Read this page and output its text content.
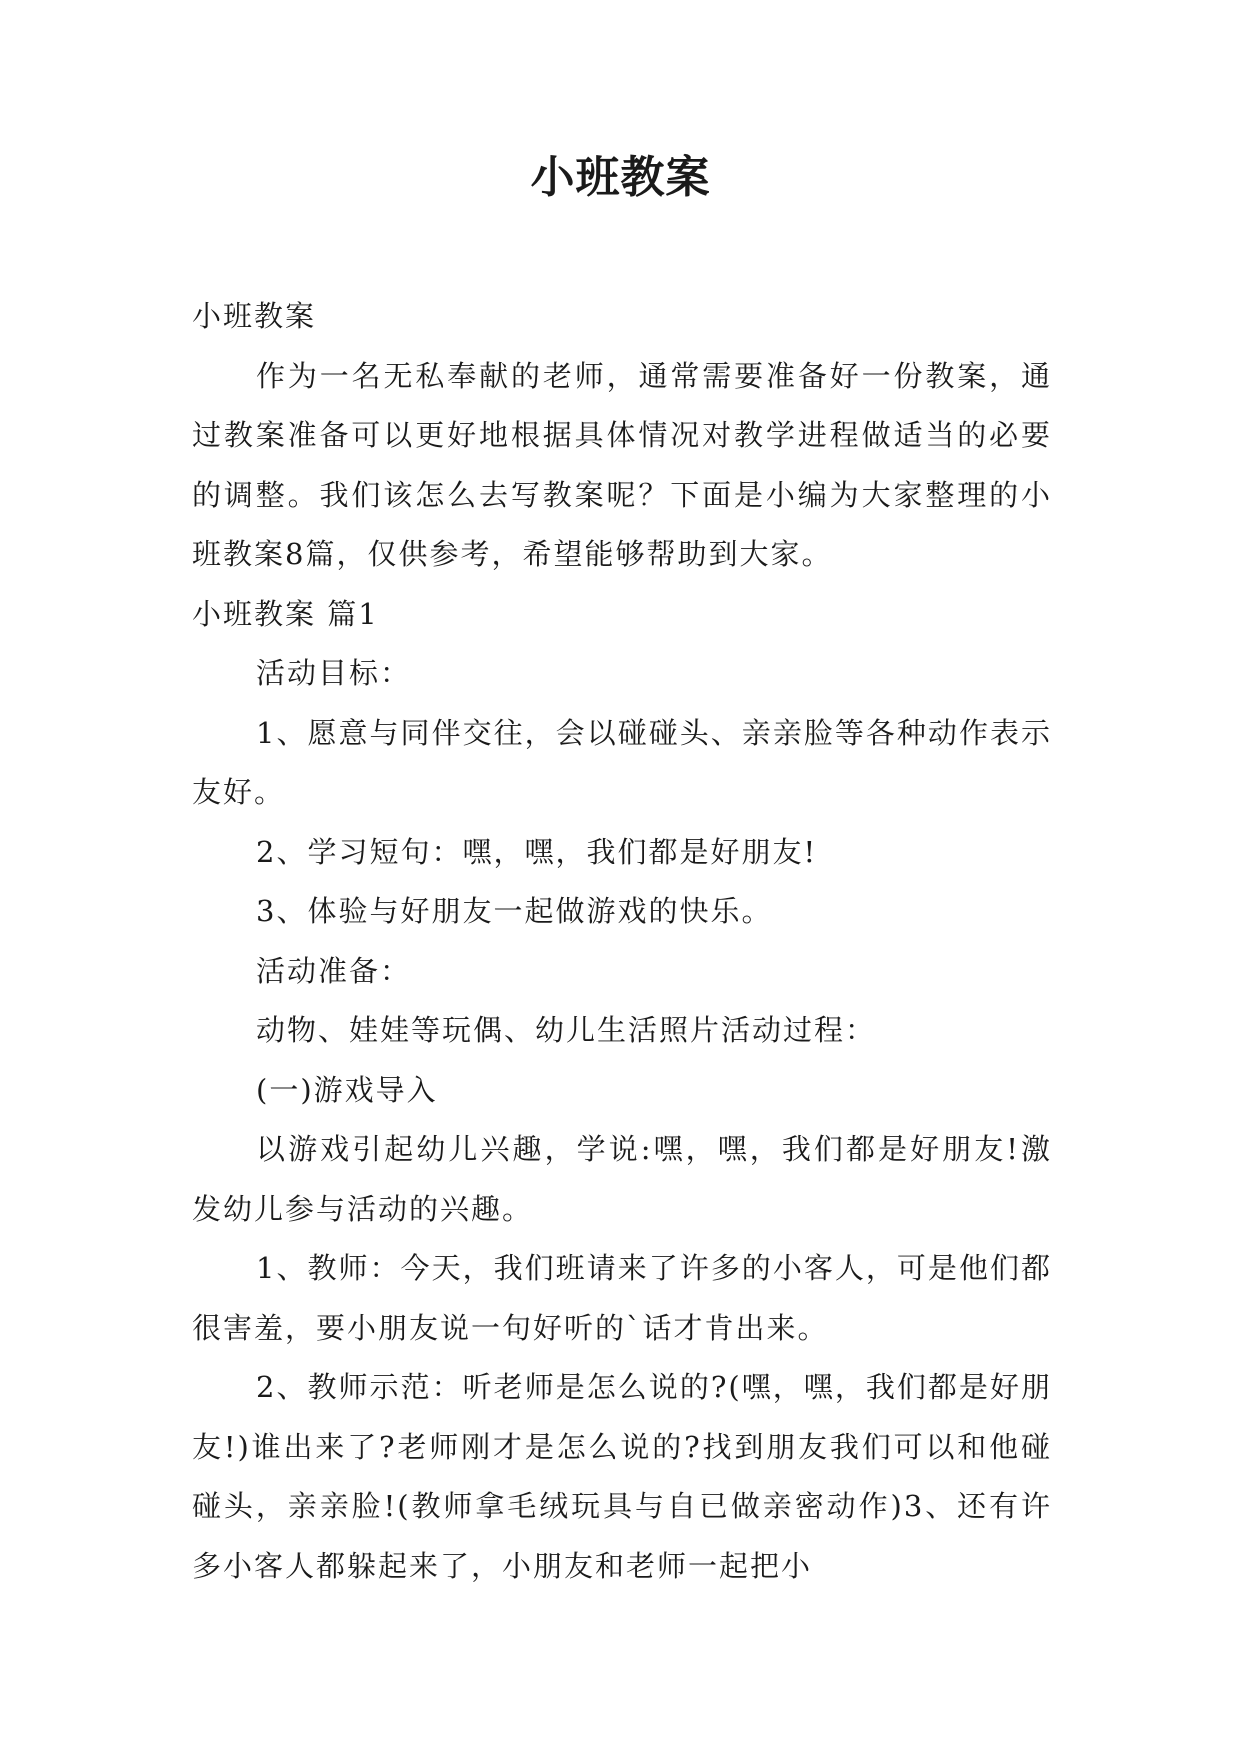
小班教案

小班教案

作为一名无私奉献的老师，通常需要准备好一份教案，通过教案准备可以更好地根据具体情况对教学进程做适当的必要的调整。我们该怎么去写教案呢？下面是小编为大家整理的小班教案8篇，仅供参考，希望能够帮助到大家。

小班教案 篇1

活动目标：

1、愿意与同伴交往，会以碰碰头、亲亲脸等各种动作表示友好。

2、学习短句：嘿，嘿，我们都是好朋友!

3、体验与好朋友一起做游戏的快乐。

活动准备：

动物、娃娃等玩偶、幼儿生活照片活动过程：

(一)游戏导入

以游戏引起幼儿兴趣，学说:嘿，嘿，我们都是好朋友!激发幼儿参与活动的兴趣。

1、教师：今天，我们班请来了许多的小客人，可是他们都很害羞，要小朋友说一句好听的`话才肯出来。

2、教师示范：听老师是怎么说的?(嘿，嘿，我们都是好朋友!)谁出来了?老师刚才是怎么说的?找到朋友我们可以和他碰碰头，亲亲脸!(教师拿毛绒玩具与自已做亲密动作)3、还有许多小客人都躲起来了，小朋友和老师一起把小
